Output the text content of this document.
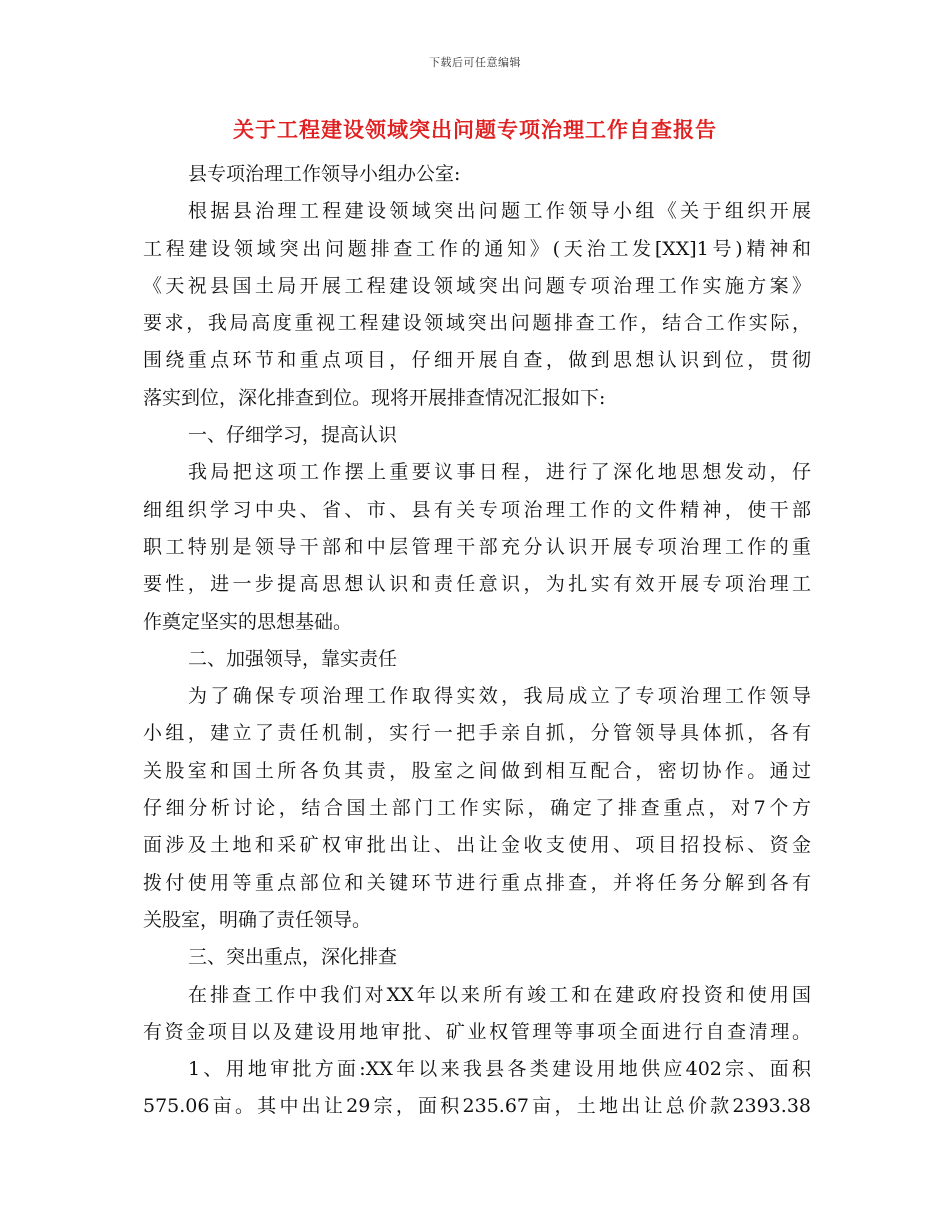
下载后可任意编辑
关于工程建设领域突出问题专项治理工作自查报告
县专项治理工作领导小组办公室:
根据县治理工程建设领域突出问题工作领导小组《关于组织开展
工程建设领域突出问题排查工作的通知》(天治工发[XX]1号)精神和
《天祝县国土局开展工程建设领域突出问题专项治理工作实施方案》
要求，我局高度重视工程建设领域突出问题排查工作，结合工作实际，
围绕重点环节和重点项目，仔细开展自查，做到思想认识到位，贯彻
落实到位，深化排查到位。现将开展排查情况汇报如下:
一、仔细学习，提高认识
我局把这项工作摆上重要议事日程，进行了深化地思想发动，仔
细组织学习中央、省、市、县有关专项治理工作的文件精神，使干部
职工特别是领导干部和中层管理干部充分认识开展专项治理工作的重
要性，进一步提高思想认识和责任意识，为扎实有效开展专项治理工
作奠定坚实的思想基础。
二、加强领导，靠实责任
为了确保专项治理工作取得实效，我局成立了专项治理工作领导
小组，建立了责任机制，实行一把手亲自抓，分管领导具体抓，各有
关股室和国土所各负其责，股室之间做到相互配合，密切协作。通过
仔细分析讨论，结合国土部门工作实际，确定了排查重点，对7个方
面涉及土地和采矿权审批出让、出让金收支使用、项目招投标、资金
拨付使用等重点部位和关键环节进行重点排查，并将任务分解到各有
关股室，明确了责任领导。
三、突出重点，深化排查
在排查工作中我们对XX年以来所有竣工和在建政府投资和使用国
有资金项目以及建设用地审批、矿业权管理等事项全面进行自查清理。
1、用地审批方面:XX年以来我县各类建设用地供应402宗、面积
575.06亩。其中出让29宗，面积235.67亩，土地出让总价款2393.38
